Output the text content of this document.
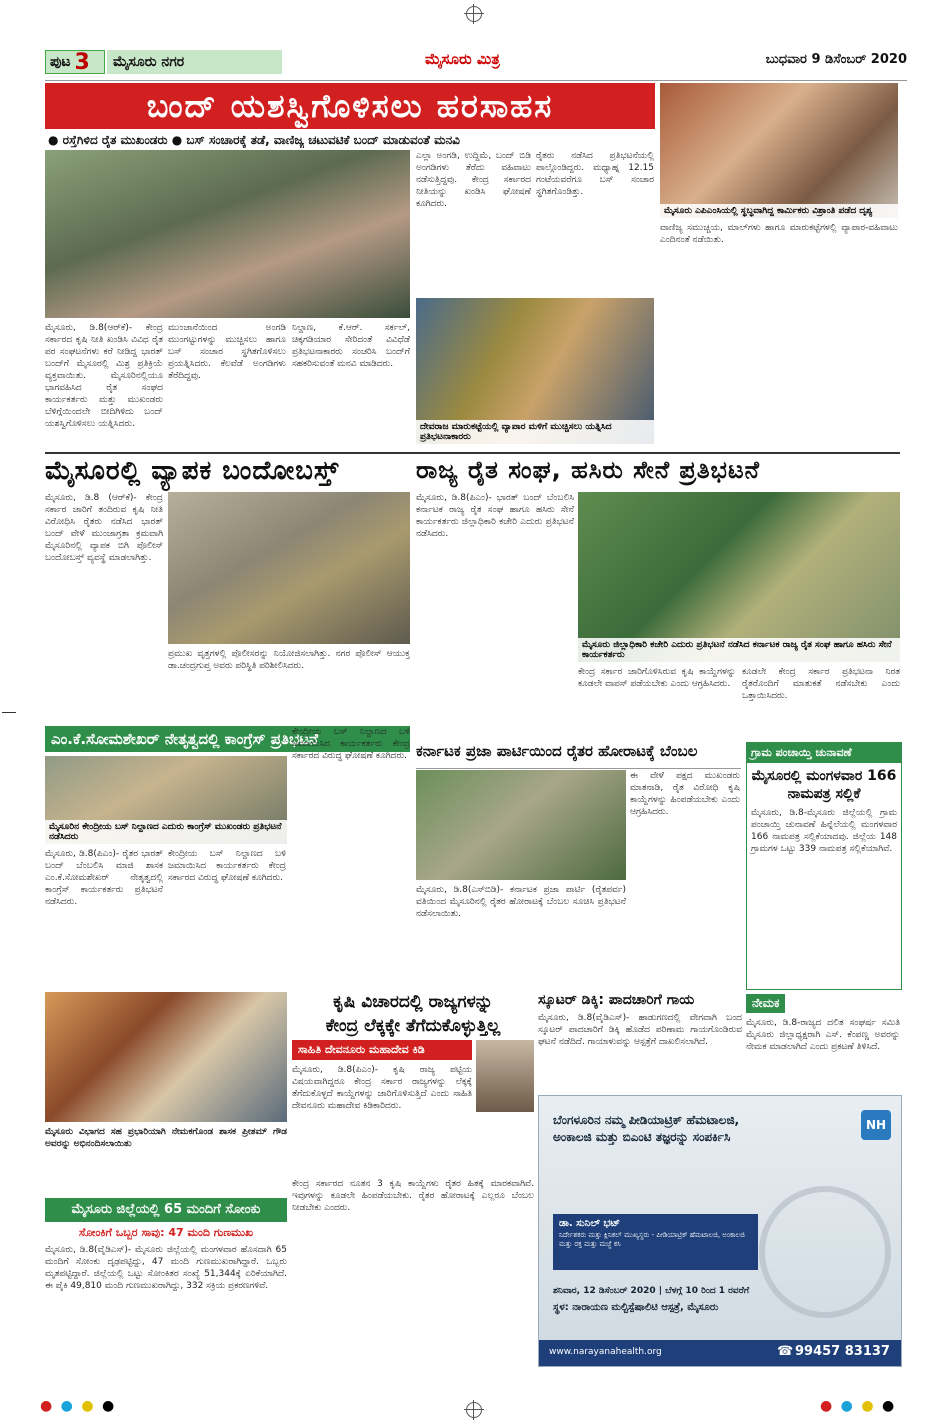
ಪುಟ 3	ಮೈಸೂರು ನಗರ	ಮೈಸೂರು ಮಿತ್ರ	ಬುಧವಾರ 9 ಡಿಸೆಂಬರ್ 2020
ಬಂದ್ ಯಶಸ್ವಿಗೊಳಿಸಲು ಹರಸಾಹಸ
● ರಸ್ತೆಗಿಳಿದ ರೈತ ಮುಖಂಡರು ● ಬಸ್ ಸಂಚಾರಕ್ಕೆ ತಡೆ, ವಾಣಿಜ್ಯ ಚಟುವಟಿಕೆ ಬಂದ್ ಮಾಡುವಂತೆ ಮನವಿ
ಮೈಸೂರು ಎಪಿಎಂಸಿಯಲ್ಲಿ ಸ್ಥಬ್ಧವಾಗಿದ್ದ ಕಾರ್ಮಿಕರು ವಿಶ್ರಾಂತಿ ಪಡೆದ ದೃಶ್ಯ
ವಾಣಿಜ್ಯ ಸಮುಚ್ಚಯ, ಮಾಲ್‌ಗಳು ಹಾಗೂ ಮಾರುಕಟ್ಟೆಗಳಲ್ಲಿ ವ್ಯಾಪಾರ-ವಹಿವಾಟು ಎಂದಿನಂತೆ ನಡೆಯಿತು.
ಮೈಸೂರು, ಡಿ.8(ಆರ್‌ಕೆ)- ಕೇಂದ್ರ ಸರ್ಕಾರದ ಕೃಷಿ ನೀತಿ ಖಂಡಿಸಿ ವಿವಿಧ ರೈತ ಪರ ಸಂಘಟನೆಗಳು ಕರೆ ನೀಡಿದ್ದ ಭಾರತ್ ಬಂದ್‌ಗೆ ಮೈಸೂರಲ್ಲಿ ಮಿಶ್ರ ಪ್ರತಿಕ್ರಿಯೆ ವ್ಯಕ್ತವಾಯಿತು. ಮೈಸೂರಿನಲ್ಲಿಯೂ ಭಾಗವಹಿಸಿದ ರೈತ ಸಂಘದ ಕಾರ್ಯಕರ್ತರು ಮತ್ತು ಮುಖಂಡರು ಬೆಳಿಗ್ಗೆಯಿಂದಲೇ ಬೀದಿಗಿಳಿದು ಬಂದ್ ಯಶಸ್ವಿಗೊಳಿಸಲು ಯತ್ನಿಸಿದರು.
ಮುಂಜಾನೆಯಿಂದ ಅಂಗಡಿ ಮುಂಗಟ್ಟುಗಳನ್ನು ಮುಚ್ಚಿಸಲು ಹಾಗೂ ಬಸ್ ಸಂಚಾರ ಸ್ಥಗಿತಗೊಳಿಸಲು ಪ್ರಯತ್ನಿಸಿದರು. ಕೆಲವೆಡೆ ಅಂಗಡಿಗಳು ತೆರೆದಿದ್ದವು.
ನಿಲ್ದಾಣ, ಕೆ.ಆರ್. ಸರ್ಕಲ್, ಚಿಕ್ಕಗಡಿಯಾರ ಸೇರಿದಂತೆ ವಿವಿಧೆಡೆ ಪ್ರತಿಭಟನಾಕಾರರು ಸಂಚರಿಸಿ ಬಂದ್‌ಗೆ ಸಹಕರಿಸುವಂತೆ ಮನವಿ ಮಾಡಿದರು.
ಎಲ್ಲಾ ಅಂಗಡಿ, ಉದ್ದಿಮೆ, ಬಂದ್ ಬಿಡಿ ಅಂಗಡಿಗಳು ತೆರೆದು ವಹಿವಾಟು ನಡೆಸುತ್ತಿದ್ದವು. ಕೇಂದ್ರ ಸರ್ಕಾರದ ನೀತಿಯನ್ನು ಖಂಡಿಸಿ ಘೋಷಣೆ ಕೂಗಿದರು.
ರೈತರು ನಡೆಸಿದ ಪ್ರತಿಭಟನೆಯಲ್ಲಿ ಪಾಲ್ಗೊಂಡಿದ್ದರು. ಮಧ್ಯಾಹ್ನ 12.15 ಗಂಟೆಯವರೆಗೂ ಬಸ್ ಸಂಚಾರ ಸ್ಥಗಿತಗೊಂಡಿತ್ತು.
ದೇವರಾಜ ಮಾರುಕಟ್ಟೆಯಲ್ಲಿ ವ್ಯಾಪಾರ ಮಳಿಗೆ ಮುಚ್ಚಿಸಲು ಯತ್ನಿಸಿದ ಪ್ರತಿಭಟನಾಕಾರರು
ಮೈಸೂರಲ್ಲಿ ವ್ಯಾಪಕ ಬಂದೋಬಸ್ತ್
ಮೈಸೂರು, ಡಿ.8 (ಆರ್‌ಕೆ)- ಕೇಂದ್ರ ಸರ್ಕಾರ ಜಾರಿಗೆ ತಂದಿರುವ ಕೃಷಿ ನೀತಿ ವಿರೋಧಿಸಿ ರೈತರು ನಡೆಸಿದ ಭಾರತ್ ಬಂದ್ ವೇಳೆ ಮುಂಜಾಗ್ರತಾ ಕ್ರಮವಾಗಿ ಮೈಸೂರಿನಲ್ಲಿ ವ್ಯಾಪಕ ಬಿಗಿ ಪೊಲೀಸ್ ಬಂದೋಬಸ್ತ್ ವ್ಯವಸ್ಥೆ ಮಾಡಲಾಗಿತ್ತು.
ಪ್ರಮುಖ ವೃತ್ತಗಳಲ್ಲಿ ಪೊಲೀಸರನ್ನು ನಿಯೋಜಿಸಲಾಗಿತ್ತು. ನಗರ ಪೊಲೀಸ್ ಆಯುಕ್ತ ಡಾ.ಚಂದ್ರಗುಪ್ತ ಅವರು ಪರಿಸ್ಥಿತಿ ಪರಿಶೀಲಿಸಿದರು.
ರಾಜ್ಯ ರೈತ ಸಂಘ, ಹಸಿರು ಸೇನೆ ಪ್ರತಿಭಟನೆ
ಮೈಸೂರು, ಡಿ.8(ಪಿಎಂ)- ಭಾರತ್ ಬಂದ್ ಬೆಂಬಲಿಸಿ ಕರ್ನಾಟಕ ರಾಜ್ಯ ರೈತ ಸಂಘ ಹಾಗೂ ಹಸಿರು ಸೇನೆ ಕಾರ್ಯಕರ್ತರು ಜಿಲ್ಲಾಧಿಕಾರಿ ಕಚೇರಿ ಎದುರು ಪ್ರತಿಭಟನೆ ನಡೆಸಿದರು.
ಮೈಸೂರು ಜಿಲ್ಲಾಧಿಕಾರಿ ಕಚೇರಿ ಎದುರು ಪ್ರತಿಭಟನೆ ನಡೆಸಿದ ಕರ್ನಾಟಕ ರಾಜ್ಯ ರೈತ ಸಂಘ ಹಾಗೂ ಹಸಿರು ಸೇನೆ ಕಾರ್ಯಕರ್ತರು
ಕೇಂದ್ರ ಸರ್ಕಾರ ಜಾರಿಗೊಳಿಸಿರುವ ಕೃಷಿ ಕಾಯ್ದೆಗಳನ್ನು ಕೂಡಲೇ ವಾಪಸ್ ಪಡೆಯಬೇಕು ಎಂದು ಆಗ್ರಹಿಸಿದರು.
ಕೂಡಲೇ ಕೇಂದ್ರ ಸರ್ಕಾರ ಪ್ರತಿಭಟನಾ ನಿರತ ರೈತರೊಂದಿಗೆ ಮಾತುಕತೆ ನಡೆಸಬೇಕು ಎಂದು ಒತ್ತಾಯಿಸಿದರು.
ಎಂ.ಕೆ.ಸೋಮಶೇಖರ್ ನೇತೃತ್ವದಲ್ಲಿ ಕಾಂಗ್ರೆಸ್ ಪ್ರತಿಭಟನೆ
ಮೈಸೂರಿನ ಕೇಂದ್ರೀಯ ಬಸ್ ನಿಲ್ದಾಣದ ಎದುರು ಕಾಂಗ್ರೆಸ್ ಮುಖಂಡರು ಪ್ರತಿಭಟನೆ ನಡೆಸಿದರು
ಮೈಸೂರು, ಡಿ.8(ಪಿಎಂ)- ರೈತರ ಭಾರತ್ ಬಂದ್ ಬೆಂಬಲಿಸಿ ಮಾಜಿ ಶಾಸಕ ಎಂ.ಕೆ.ಸೋಮಶೇಖರ್ ನೇತೃತ್ವದಲ್ಲಿ ಕಾಂಗ್ರೆಸ್ ಕಾರ್ಯಕರ್ತರು ಪ್ರತಿಭಟನೆ ನಡೆಸಿದರು.
ಕೇಂದ್ರೀಯ ಬಸ್ ನಿಲ್ದಾಣದ ಬಳಿ ಜಮಾಯಿಸಿದ ಕಾರ್ಯಕರ್ತರು ಕೇಂದ್ರ ಸರ್ಕಾರದ ವಿರುದ್ಧ ಘೋಷಣೆ ಕೂಗಿದರು.
ಕರ್ನಾಟಕ ಪ್ರಜಾ ಪಾರ್ಟಿಯಿಂದ ರೈತರ ಹೋರಾಟಕ್ಕೆ ಬೆಂಬಲ
ಮೈಸೂರು, ಡಿ.8(ಎಸ್‌ಬಿಡಿ)- ಕರ್ನಾಟಕ ಪ್ರಜಾ ಪಾರ್ಟಿ (ರೈತಪರ್ವ) ವತಿಯಿಂದ ಮೈಸೂರಿನಲ್ಲಿ ರೈತರ ಹೋರಾಟಕ್ಕೆ ಬೆಂಬಲ ಸೂಚಿಸಿ ಪ್ರತಿಭಟನೆ ನಡೆಸಲಾಯಿತು.
ಈ ವೇಳೆ ಪಕ್ಷದ ಮುಖಂಡರು ಮಾತನಾಡಿ, ರೈತ ವಿರೋಧಿ ಕೃಷಿ ಕಾಯ್ದೆಗಳನ್ನು ಹಿಂಪಡೆಯಬೇಕು ಎಂದು ಆಗ್ರಹಿಸಿದರು.
ಕೇಂದ್ರೀಯ ಬಸ್ ನಿಲ್ದಾಣದ ಬಳಿ ಜಮಾಯಿಸಿದ ಕಾರ್ಯಕರ್ತರು ಕೇಂದ್ರ ಸರ್ಕಾರದ ವಿರುದ್ಧ ಘೋಷಣೆ ಕೂಗಿದರು.	ಗ್ರಾಮ ಪಂಚಾಯ್ತಿ ಚುನಾವಣೆ
ಮೈಸೂರಲ್ಲಿ ಮಂಗಳವಾರ 166 ನಾಮಪತ್ರ ಸಲ್ಲಿಕೆ
ಮೈಸೂರು, ಡಿ.8-ಮೈಸೂರು ಜಿಲ್ಲೆಯಲ್ಲಿ ಗ್ರಾಮ ಪಂಚಾಯ್ತಿ ಚುನಾವಣೆ ಹಿನ್ನೆಲೆಯಲ್ಲಿ ಮಂಗಳವಾರ 166 ನಾಮಪತ್ರ ಸಲ್ಲಿಕೆಯಾದವು. ಜಿಲ್ಲೆಯ 148 ಗ್ರಾಮಗಳ ಒಟ್ಟು 339 ನಾಮಪತ್ರ ಸಲ್ಲಿಕೆಯಾಗಿವೆ.
ಮೈಸೂರು ವಿಭಾಗದ ಸಹ ಪ್ರಭಾರಿಯಾಗಿ ನೇಮಕಗೊಂಡ ಶಾಸಕ ಪ್ರೀತಮ್ ಗೌಡ ಅವರನ್ನು ಅಭಿನಂದಿಸಲಾಯಿತು
ಮೈಸೂರು ಜಿಲ್ಲೆಯಲ್ಲಿ 65 ಮಂದಿಗೆ ಸೋಂಕು
ಸೋಂಕಿಗೆ ಒಬ್ಬರ ಸಾವು: 47 ಮಂದಿ ಗುಣಮುಖ
ಮೈಸೂರು, ಡಿ.8(ವೈಡಿಎಸ್)- ಮೈಸೂರು ಜಿಲ್ಲೆಯಲ್ಲಿ ಮಂಗಳವಾರ ಹೊಸದಾಗಿ 65 ಮಂದಿಗೆ ಸೋಂಕು ದೃಢಪಟ್ಟಿದ್ದು, 47 ಮಂದಿ ಗುಣಮುಖರಾಗಿದ್ದಾರೆ. ಒಬ್ಬರು ಮೃತಪಟ್ಟಿದ್ದಾರೆ. ಜಿಲ್ಲೆಯಲ್ಲಿ ಒಟ್ಟು ಸೋಂಕಿತರ ಸಂಖ್ಯೆ 51,344ಕ್ಕೆ ಏರಿಕೆಯಾಗಿದೆ. ಈ ಪೈಕಿ 49,810 ಮಂದಿ ಗುಣಮುಖರಾಗಿದ್ದು, 332 ಸಕ್ರಿಯ ಪ್ರಕರಣಗಳಿವೆ.
ಕೃಷಿ ವಿಚಾರದಲ್ಲಿ ರಾಜ್ಯಗಳನ್ನು
ಕೇಂದ್ರ ಲೆಕ್ಕಕ್ಕೇ ತೆಗೆದುಕೊಳ್ಳುತ್ತಿಲ್ಲ
ಸಾಹಿತಿ ದೇವನೂರು ಮಹಾದೇವ ಕಿಡಿ
ಮೈಸೂರು, ಡಿ.8(ಪಿಎಂ)- ಕೃಷಿ ರಾಜ್ಯ ಪಟ್ಟಿಯ ವಿಷಯವಾಗಿದ್ದರೂ ಕೇಂದ್ರ ಸರ್ಕಾರ ರಾಜ್ಯಗಳನ್ನು ಲೆಕ್ಕಕ್ಕೆ ತೆಗೆದುಕೊಳ್ಳದೆ ಕಾಯ್ದೆಗಳನ್ನು ಜಾರಿಗೊಳಿಸುತ್ತಿದೆ ಎಂದು ಸಾಹಿತಿ ದೇವನೂರು ಮಹಾದೇವ ಕಿಡಿಕಾರಿದರು.
ಕೇಂದ್ರ ಸರ್ಕಾರದ ನೂತನ 3 ಕೃಷಿ ಕಾಯ್ದೆಗಳು ರೈತರ ಹಿತಕ್ಕೆ ಮಾರಕವಾಗಿವೆ. ಇವುಗಳನ್ನು ಕೂಡಲೇ ಹಿಂಪಡೆಯಬೇಕು. ರೈತರ ಹೋರಾಟಕ್ಕೆ ಎಲ್ಲರೂ ಬೆಂಬಲ ನೀಡಬೇಕು ಎಂದರು.
ಸ್ಕೂಟರ್ ಡಿಕ್ಕಿ: ಪಾದಚಾರಿಗೆ ಗಾಯ
ಮೈಸೂರು, ಡಿ.8(ವೈಡಿಎಸ್)- ಹಾಡುಗಣದಲ್ಲಿ ವೇಗವಾಗಿ ಬಂದ ಸ್ಕೂಟರ್ ಪಾದಚಾರಿಗೆ ಡಿಕ್ಕಿ ಹೊಡೆದ ಪರಿಣಾಮ ಗಾಯಗೊಂಡಿರುವ ಘಟನೆ ನಡೆದಿದೆ. ಗಾಯಾಳುವನ್ನು ಆಸ್ಪತ್ರೆಗೆ ದಾಖಲಿಸಲಾಗಿದೆ.
ನೇಮಕ
ಮೈಸೂರು, ಡಿ.8-ರಾಜ್ಯದ ದಲಿತ ಸಂಘರ್ಷ ಸಮಿತಿ ಮೈಸೂರು ಜಿಲ್ಲಾಧ್ಯಕ್ಷರಾಗಿ ಎಸ್. ಕೆಂಪಣ್ಣ ಅವರನ್ನು ನೇಮಕ ಮಾಡಲಾಗಿದೆ ಎಂದು ಪ್ರಕಟಣೆ ತಿಳಿಸಿದೆ.
NH
ಬೆಂಗಳೂರಿನ ನಮ್ಮ ಪೀಡಿಯಾಟ್ರಿಕ್ ಹೆಮಟಾಲಜಿ, ಅಂಕಾಲಜಿ ಮತ್ತು ಬಿಎಂಟಿ ತಜ್ಞರನ್ನು ಸಂಪರ್ಕಿಸಿ
ಡಾ. ಸುನಿಲ್ ಭಟ್
ನಿರ್ದೇಶಕರು ಮತ್ತು ಕ್ಲಿನಿಕಲ್ ಮುಖ್ಯಸ್ಥರು - ಪೀಡಿಯಾಟ್ರಿಕ್ ಹೆಮಟಾಲಜಿ, ಅಂಕಾಲಜಿ ಮತ್ತು ರಕ್ತ ಮತ್ತು ಮಜ್ಜೆ ಕಸಿ
ಶನಿವಾರ, 12 ಡಿಸೆಂಬರ್ 2020 | ಬೆಳಗ್ಗೆ 10 ರಿಂದ 1 ರವರೆಗೆ
ಸ್ಥಳ: ನಾರಾಯಣ ಮಲ್ಟಿಸ್ಪೆಷಾಲಿಟಿ ಆಸ್ಪತ್ರೆ, ಮೈಸೂರು
www.narayanahealth.org	☎ 99457 83137
● ● ● ●	● ● ● ●
